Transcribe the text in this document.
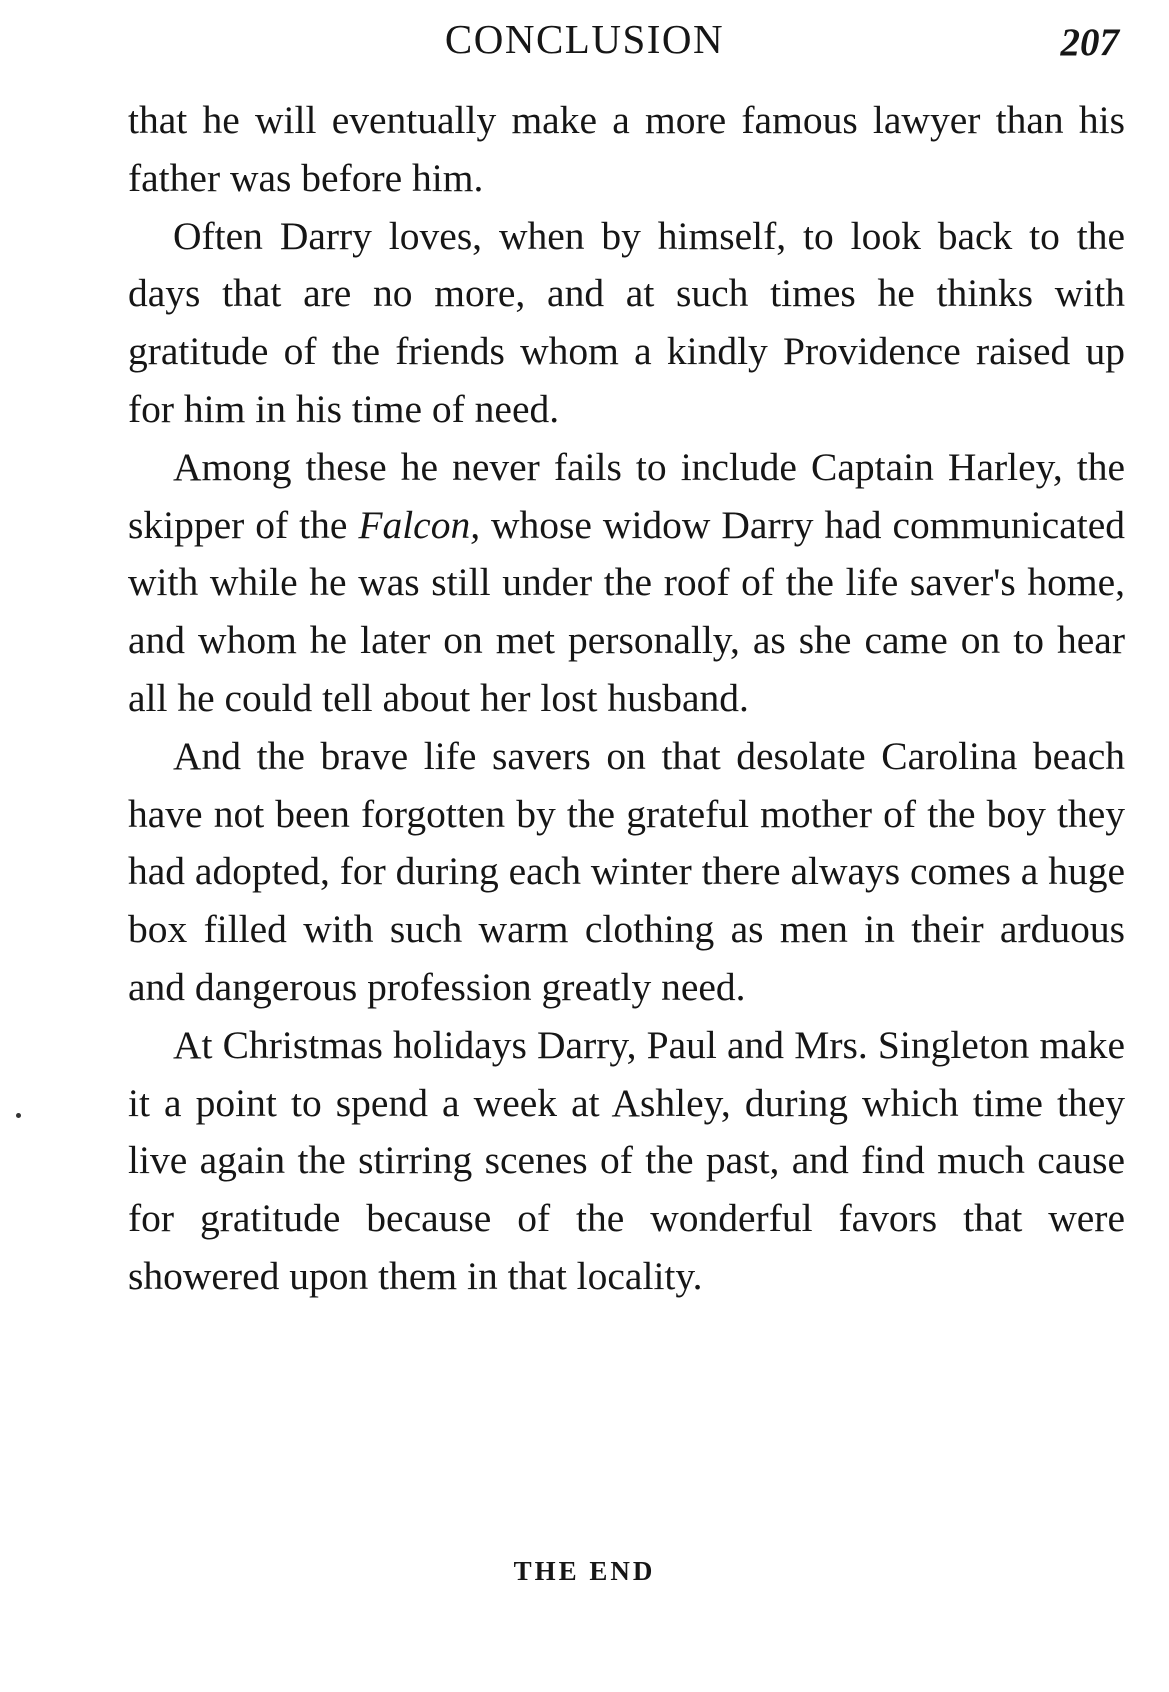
CONCLUSION	207

that he will eventually make a more famous lawyer than his father was before him.

Often Darry loves, when by himself, to look back to the days that are no more, and at such times he thinks with gratitude of the friends whom a kindly Providence raised up for him in his time of need.

Among these he never fails to include Captain Harley, the skipper of the Falcon, whose widow Darry had communicated with while he was still under the roof of the life saver's home, and whom he later on met personally, as she came on to hear all he could tell about her lost husband.

And the brave life savers on that desolate Carolina beach have not been forgotten by the grateful mother of the boy they had adopted, for during each winter there always comes a huge box filled with such warm clothing as men in their arduous and dangerous profession greatly need.

At Christmas holidays Darry, Paul and Mrs. Singleton make it a point to spend a week at Ashley, during which time they live again the stirring scenes of the past, and find much cause for gratitude because of the wonderful favors that were showered upon them in that locality.

THE END
